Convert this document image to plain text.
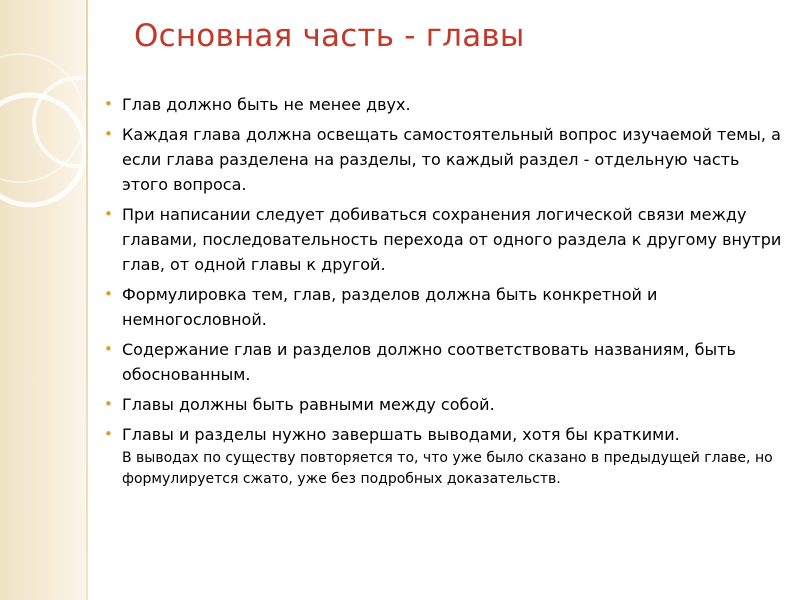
Основная часть - главы
• Глав должно быть не менее двух.
• Каждая глава должна освещать самостоятельный вопрос изучаемой темы, а если глава разделена на разделы, то каждый раздел - отдельную часть этого вопроса.
• При написании следует добиваться сохранения логической связи между главами, последовательность перехода от одного раздела к другому внутри глав, от одной главы к другой.
• Формулировка тем, глав, разделов должна быть конкретной и немногословной.
• Содержание глав и разделов должно соответствовать названиям, быть обоснованным.
• Главы должны быть равными между собой.
• Главы и разделы нужно завершать выводами, хотя бы краткими.
В выводах по существу повторяется то, что уже было сказано в предыдущей главе, но формулируется сжато, уже без подробных доказательств.
